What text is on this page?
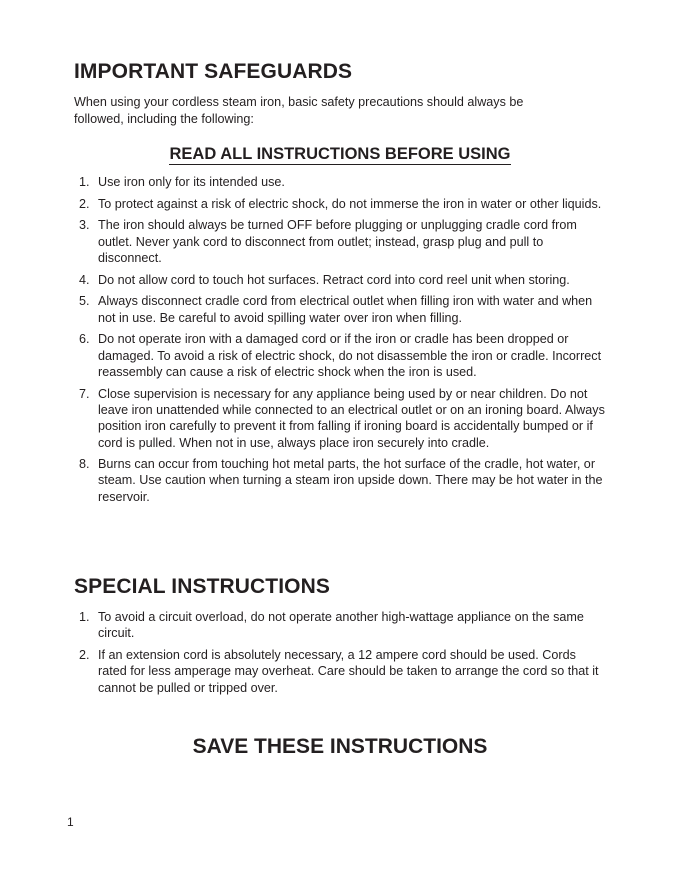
IMPORTANT SAFEGUARDS

When using your cordless steam iron, basic safety precautions should always be followed, including the following:

READ ALL INSTRUCTIONS BEFORE USING

1. Use iron only for its intended use.
2. To protect against a risk of electric shock, do not immerse the iron in water or other liquids.
3. The iron should always be turned OFF before plugging or unplugging cradle cord from outlet. Never yank cord to disconnect from outlet; instead, grasp plug and pull to disconnect.
4. Do not allow cord to touch hot surfaces. Retract cord into cord reel unit when storing.
5. Always disconnect cradle cord from electrical outlet when filling iron with water and when not in use. Be careful to avoid spilling water over iron when filling.
6. Do not operate iron with a damaged cord or if the iron or cradle has been dropped or damaged. To avoid a risk of electric shock, do not disassemble the iron or cradle. Incorrect reassembly can cause a risk of electric shock when the iron is used.
7. Close supervision is necessary for any appliance being used by or near children. Do not leave iron unattended while connected to an electrical outlet or on an ironing board. Always position iron carefully to prevent it from falling if ironing board is accidentally bumped or if cord is pulled. When not in use, always place iron securely into cradle.
8. Burns can occur from touching hot metal parts, the hot surface of the cradle, hot water, or steam. Use caution when turning a steam iron upside down. There may be hot water in the reservoir.
SPECIAL INSTRUCTIONS
1. To avoid a circuit overload, do not operate another high-wattage appliance on the same circuit.
2. If an extension cord is absolutely necessary, a 12 ampere cord should be used. Cords rated for less amperage may overheat. Care should be taken to arrange the cord so that it cannot be pulled or tripped over.
SAVE THESE INSTRUCTIONS
1
